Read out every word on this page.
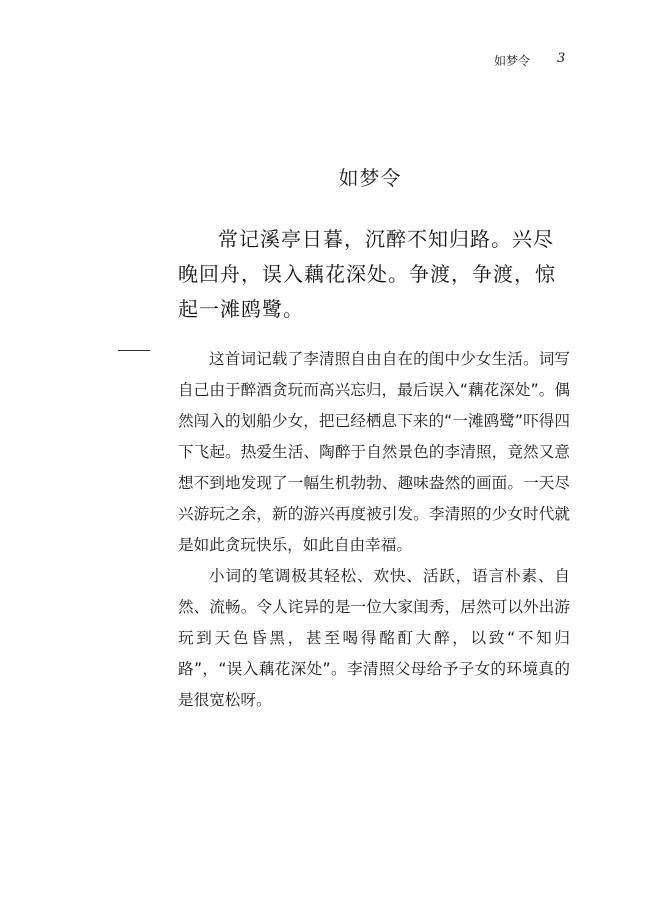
如梦令 3
如梦令

常记溪亭日暮，沉醉不知归路。兴尽晚回舟，误入藕花深处。争渡，争渡，惊起一滩鸥鹭。

这首词记载了李清照自由自在的闺中少女生活。词写自己由于醉酒贪玩而高兴忘归，最后误入“藕花深处”。偶然闯入的划船少女，把已经栖息下来的“一滩鸥鹭”吓得四下飞起。热爱生活、陶醉于自然景色的李清照，竟然又意想不到地发现了一幅生机勃勃、趣味盎然的画面。一天尽兴游玩之余，新的游兴再度被引发。李清照的少女时代就是如此贪玩快乐，如此自由幸福。

小词的笔调极其轻松、欢快、活跃，语言朴素、自然、流畅。令人诧异的是一位大家闺秀，居然可以外出游玩到天色昏黑，甚至喝得酩酊大醉，以致“不知归路”，“误入藕花深处”。李清照父母给予子女的环境真的是很宽松呀。
